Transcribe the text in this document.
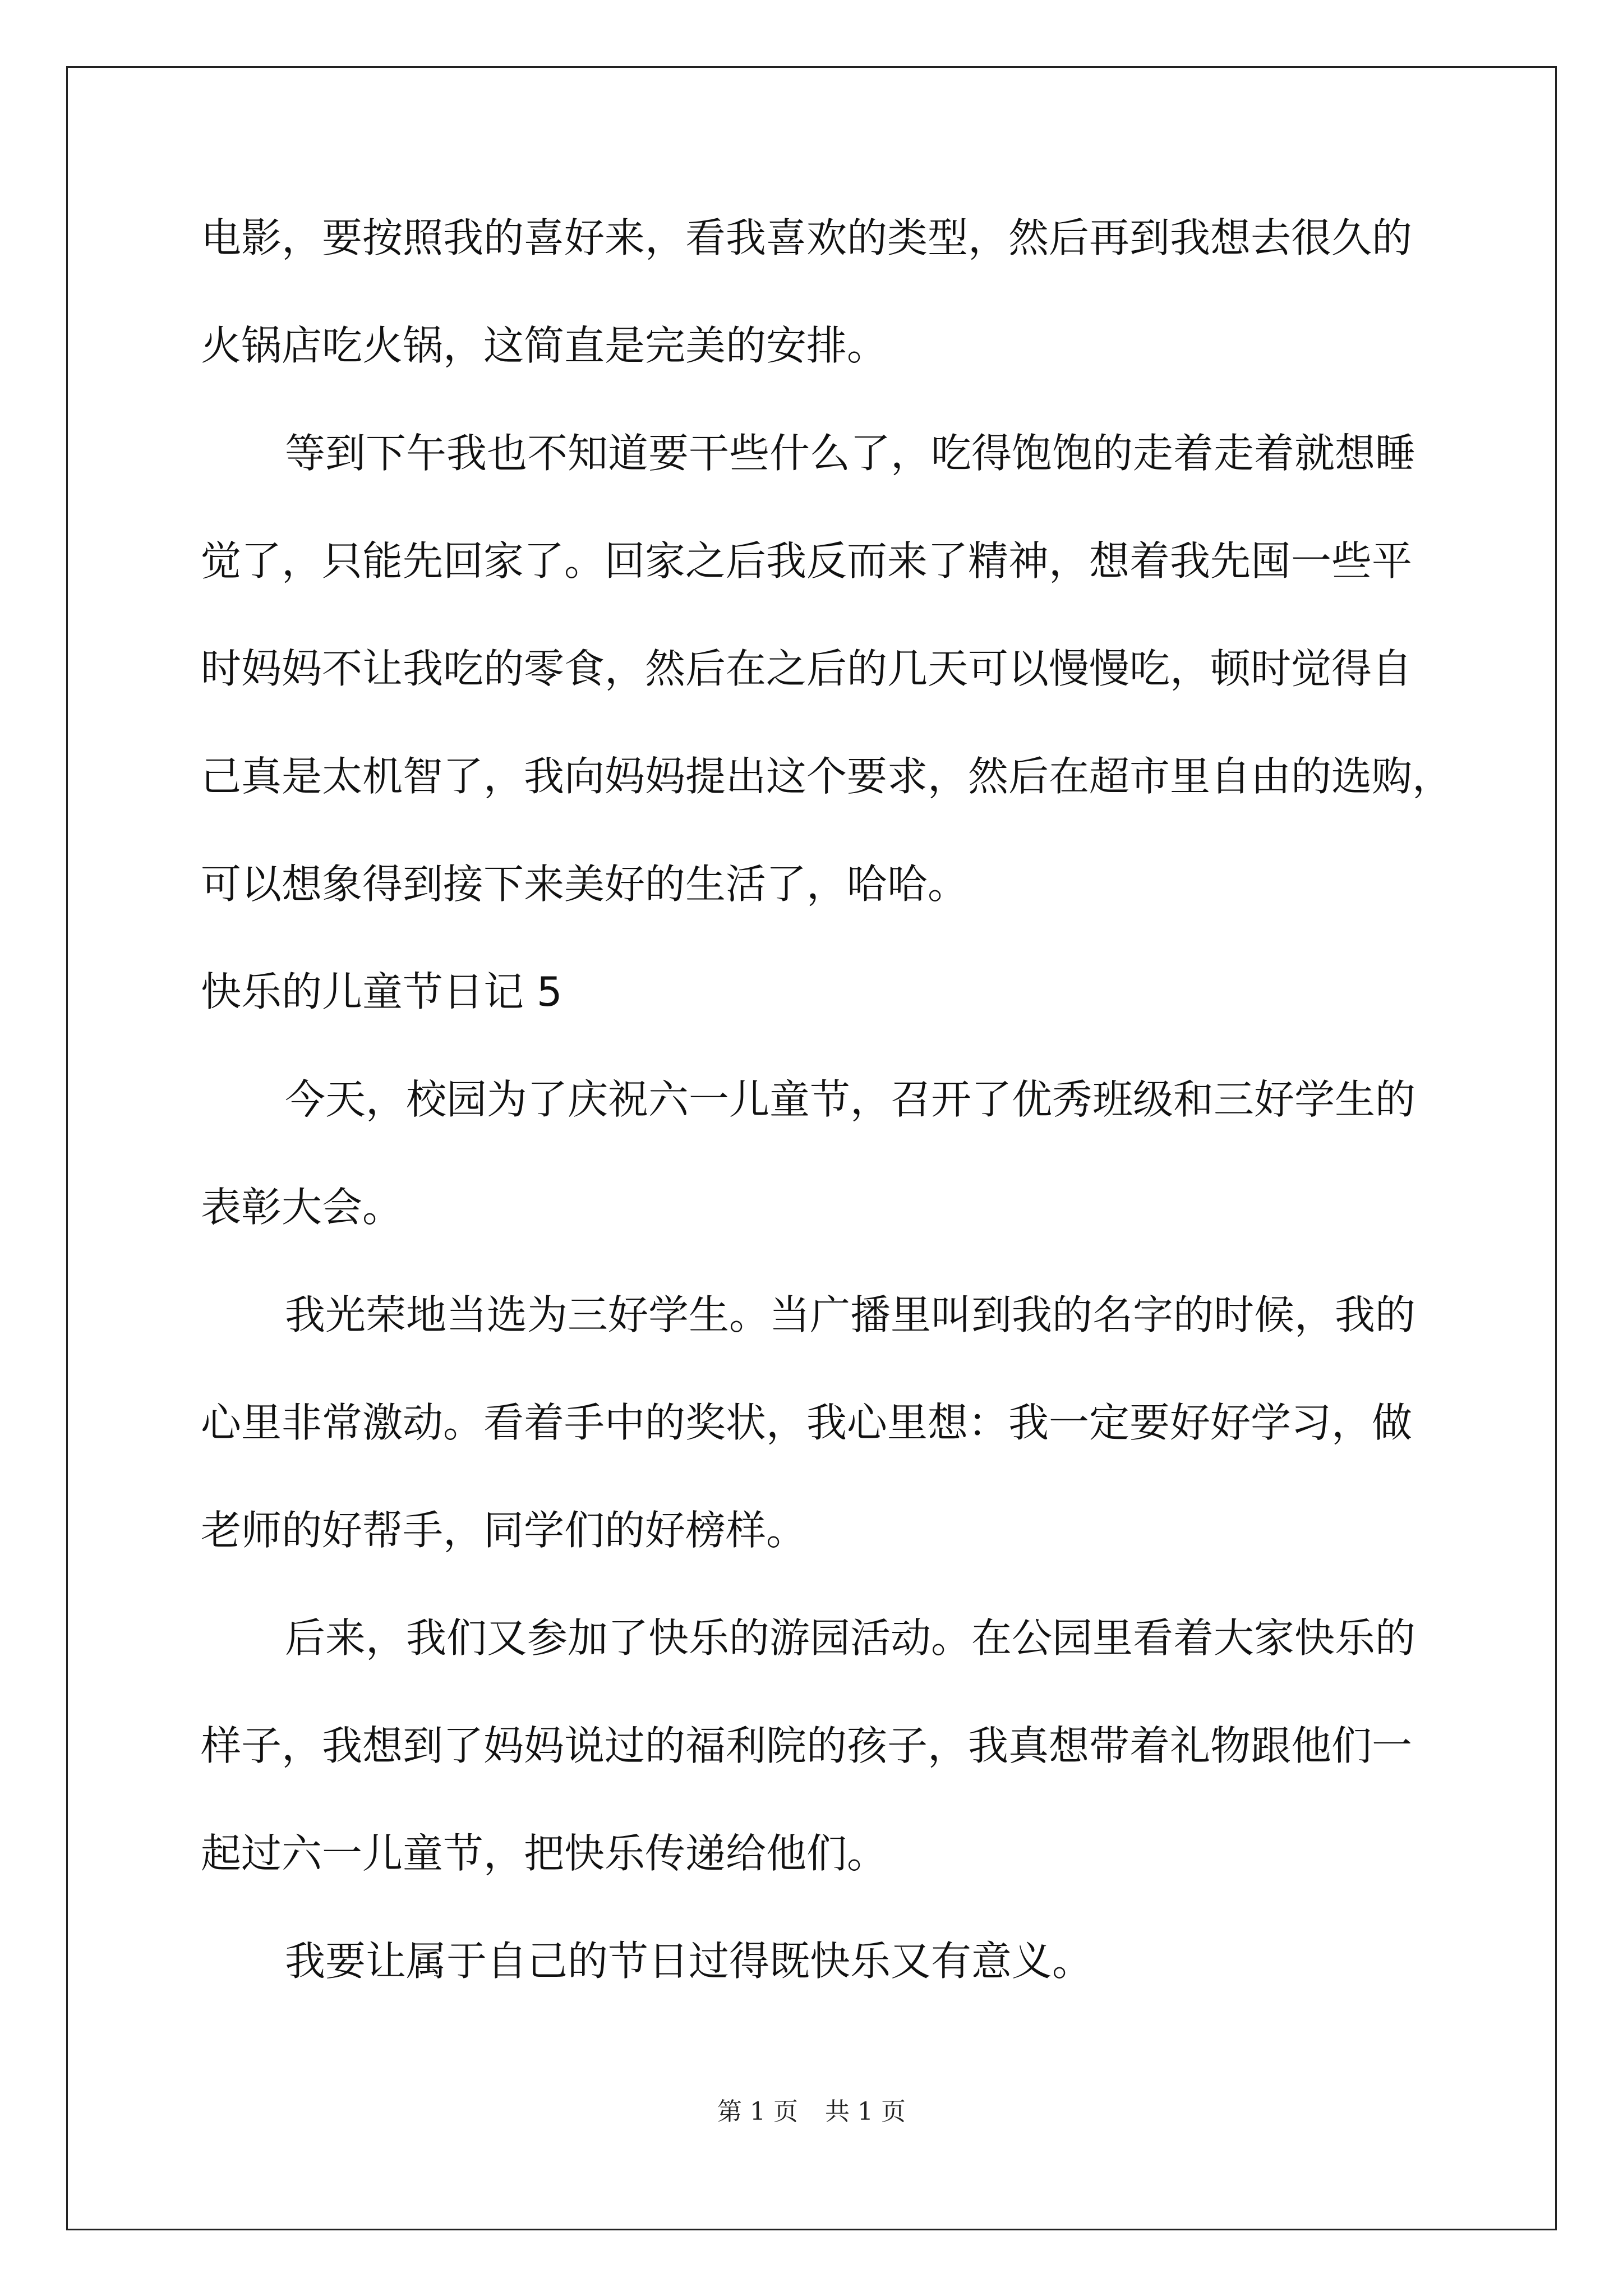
电影，要按照我的喜好来，看我喜欢的类型，然后再到我想去很久的

火锅店吃火锅，这简直是完美的安排。

等到下午我也不知道要干些什么了，吃得饱饱的走着走着就想睡

觉了，只能先回家了。回家之后我反而来了精神，想着我先囤一些平

时妈妈不让我吃的零食，然后在之后的几天可以慢慢吃，顿时觉得自

己真是太机智了，我向妈妈提出这个要求，然后在超市里自由的选购，

可以想象得到接下来美好的生活了，哈哈。

快乐的儿童节日记 5

今天，校园为了庆祝六一儿童节，召开了优秀班级和三好学生的

表彰大会。

我光荣地当选为三好学生。当广播里叫到我的名字的时候，我的

心里非常激动。看着手中的奖状，我心里想：我一定要好好学习，做

老师的好帮手，同学们的好榜样。

后来，我们又参加了快乐的游园活动。在公园里看着大家快乐的

样子，我想到了妈妈说过的福利院的孩子，我真想带着礼物跟他们一

起过六一儿童节，把快乐传递给他们。

我要让属于自己的节日过得既快乐又有意义。

第 1 页 共 1 页
